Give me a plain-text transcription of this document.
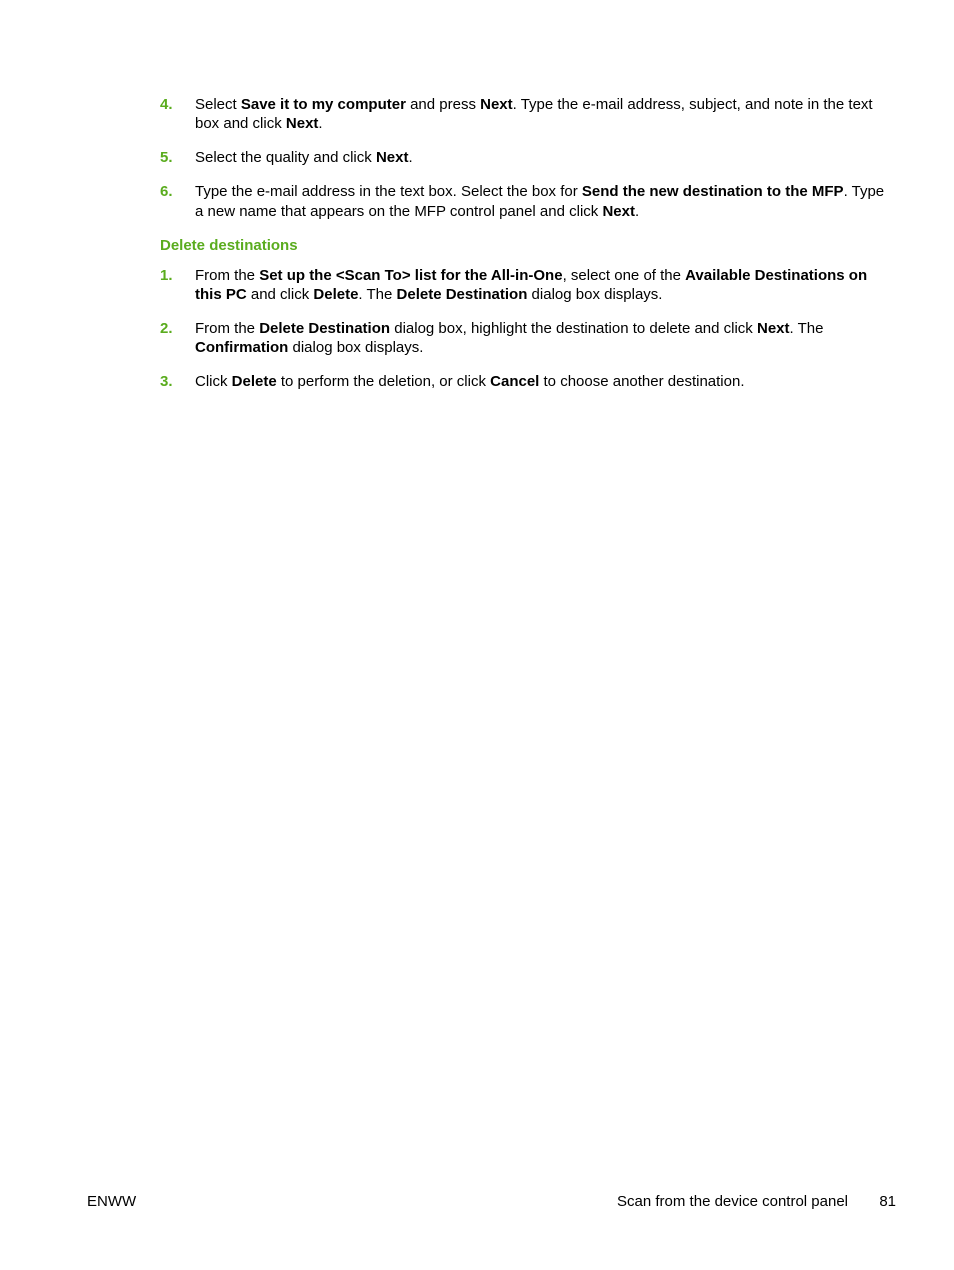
4. Select Save it to my computer and press Next. Type the e-mail address, subject, and note in the text box and click Next.
5. Select the quality and click Next.
6. Type the e-mail address in the text box. Select the box for Send the new destination to the MFP. Type a new name that appears on the MFP control panel and click Next.
Delete destinations
1. From the Set up the <Scan To> list for the All-in-One, select one of the Available Destinations on this PC and click Delete. The Delete Destination dialog box displays.
2. From the Delete Destination dialog box, highlight the destination to delete and click Next. The Confirmation dialog box displays.
3. Click Delete to perform the deletion, or click Cancel to choose another destination.
ENWW	Scan from the device control panel 81
